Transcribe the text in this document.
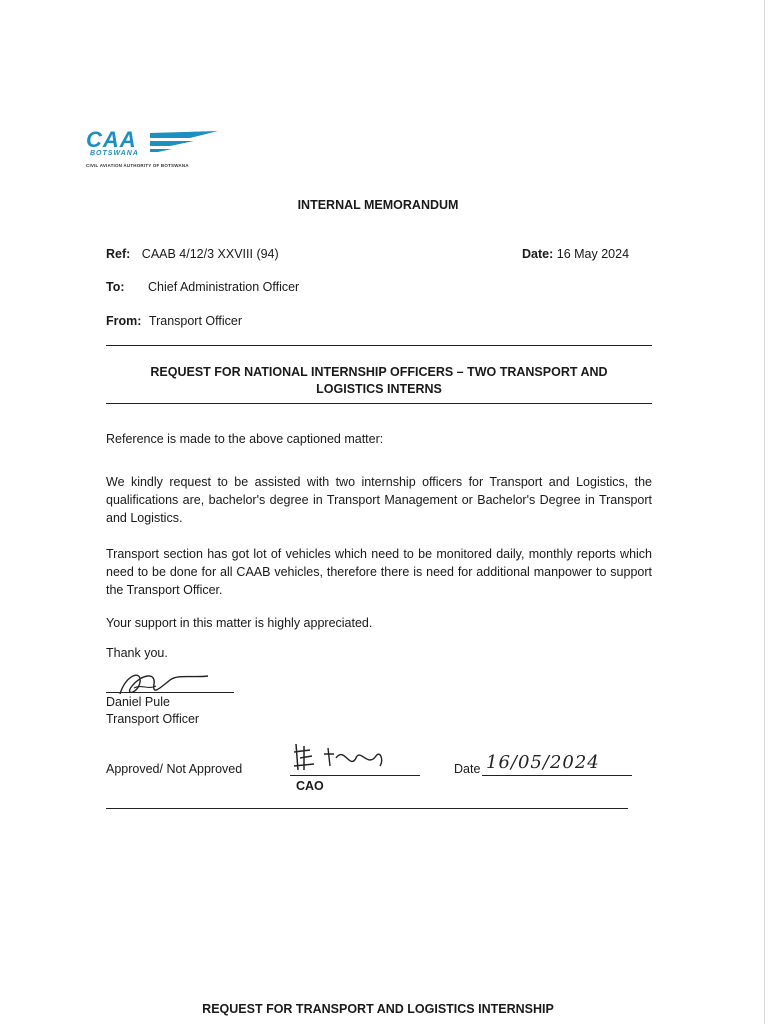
CAA
BOTSWANA
CIVIL AVIATION AUTHORITY OF BOTSWANA
INTERNAL MEMORANDUM
Ref: CAAB 4/12/3 XXVIII (94)	Date: 16 May 2024
To: Chief Administration Officer
From: Transport Officer
REQUEST FOR NATIONAL INTERNSHIP OFFICERS – TWO TRANSPORT AND
LOGISTICS INTERNS
Reference is made to the above captioned matter:
We kindly request to be assisted with two internship officers for Transport and Logistics, the qualifications are, bachelor's degree in Transport Management or Bachelor's Degree in Transport and Logistics.
Transport section has got lot of vehicles which need to be monitored daily, monthly reports which need to be done for all CAAB vehicles, therefore there is need for additional manpower to support the Transport Officer.
Your support in this matter is highly appreciated.
Thank you.
Daniel Pule
Transport Officer
Approved/ Not Approved
CAO
Date 16/05/2024
REQUEST FOR TRANSPORT AND LOGISTICS INTERNSHIP
